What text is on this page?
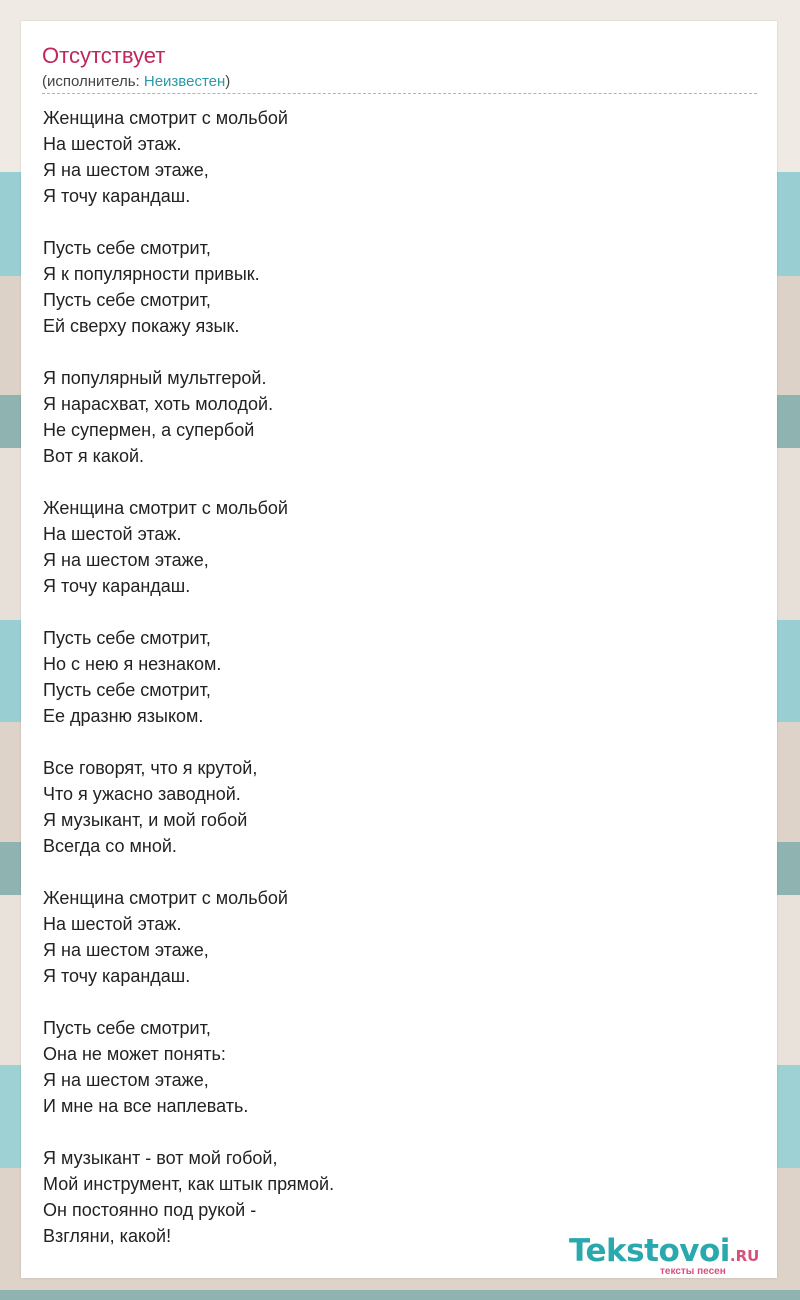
Отсутствует
(исполнитель: Неизвестен)
Женщина смотрит с мольбой
На шестой этаж.
Я на шестом этаже,
Я точу карандаш.
Пусть себе смотрит,
Я к популярности привык.
Пусть себе смотрит,
Ей сверху покажу язык.
Я популярный мультгерой.
Я нарасхват, хоть молодой.
Не супермен, а супербой
Вот я какой.
Женщина смотрит с мольбой
На шестой этаж.
Я на шестом этаже,
Я точу карандаш.
Пусть себе смотрит,
Но с нею я незнаком.
Пусть себе смотрит,
Ее дразню языком.
Все говорят, что я крутой,
Что я ужасно заводной.
Я музыкант, и мой гобой
Всегда со мной.
Женщина смотрит с мольбой
На шестой этаж.
Я на шестом этаже,
Я точу карандаш.
Пусть себе смотрит,
Она не может понять:
Я на шестом этаже,
И мне на все наплевать.
Я музыкант - вот мой гобой,
Мой инструмент, как штык прямой.
Он постоянно под рукой -
Взгляни, какой!	Tekstovoi.RU
тексты песен
